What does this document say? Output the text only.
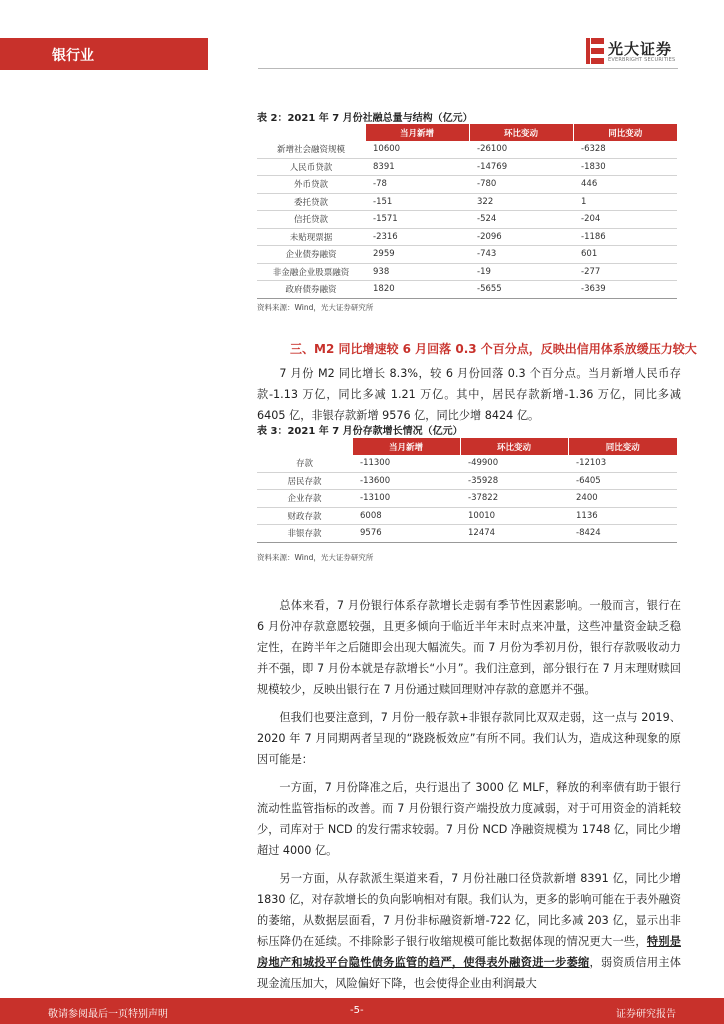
银行业	光大证券
EVERBRIGHT SECURITIES
表 2：2021 年 7 月份社融总量与结构（亿元）
	当月新增	环比变动	同比变动
新增社会融资规模	10600	-26100	-6328
人民币贷款	8391	-14769	-1830
外币贷款	-78	-780	446
委托贷款	-151	322	1
信托贷款	-1571	-524	-204
未贴现票据	-2316	-2096	-1186
企业债券融资	2959	-743	601
非金融企业股票融资	938	-19	-277
政府债券融资	1820	-5655	-3639
资料来源：Wind，光大证券研究所
三、M2 同比增速较 6 月回落 0.3 个百分点，反映出信用体系放缓压力较大

7 月份 M2 同比增长 8.3%，较 6 月份回落 0.3 个百分点。当月新增人民币存款-1.13 万亿，同比多减 1.21 万亿。其中，居民存款新增-1.36 万亿，同比多减 6405 亿，非银存款新增 9576 亿，同比少增 8424 亿。

表 3：2021 年 7 月份存款增长情况（亿元）
	当月新增	环比变动	同比变动
存款	-11300	-49900	-12103
居民存款	-13600	-35928	-6405
企业存款	-13100	-37822	2400
财政存款	6008	10010	1136
非银存款	9576	12474	-8424
资料来源：Wind，光大证券研究所

总体来看，7 月份银行体系存款增长走弱有季节性因素影响。一般而言，银行在 6 月份冲存款意愿较强，且更多倾向于临近半年末时点来冲量，这些冲量资金缺乏稳定性，在跨半年之后随即会出现大幅流失。而 7 月份为季初月份，银行存款吸收动力并不强，即 7 月份本就是存款增长“小月”。我们注意到，部分银行在 7 月末理财赎回规模较少，反映出银行在 7 月份通过赎回理财冲存款的意愿并不强。

但我们也要注意到，7 月份一般存款+非银存款同比双双走弱，这一点与 2019、2020 年 7 月同期两者呈现的“跷跷板效应”有所不同。我们认为，造成这种现象的原因可能是：

一方面，7 月份降准之后，央行退出了 3000 亿 MLF，释放的利率债有助于银行流动性监管指标的改善。而 7 月份银行资产端投放力度减弱，对于可用资金的消耗较少，司库对于 NCD 的发行需求较弱。7 月份 NCD 净融资规模为 1748 亿，同比少增超过 4000 亿。

另一方面，从存款派生渠道来看，7 月份社融口径贷款新增 8391 亿，同比少增 1830 亿，对存款增长的负向影响相对有限。我们认为，更多的影响可能在于表外融资的萎缩，从数据层面看，7 月份非标融资新增-722 亿，同比多减 203 亿，显示出非标压降仍在延续。不排除影子银行收缩规模可能比数据体现的情况更大一些，特别是房地产和城投平台隐性债务监管的趋严，使得表外融资进一步萎缩，弱资质信用主体现金流压加大，风险偏好下降，也会使得企业由利润最大

敬请参阅最后一页特别声明	-5-	证券研究报告
